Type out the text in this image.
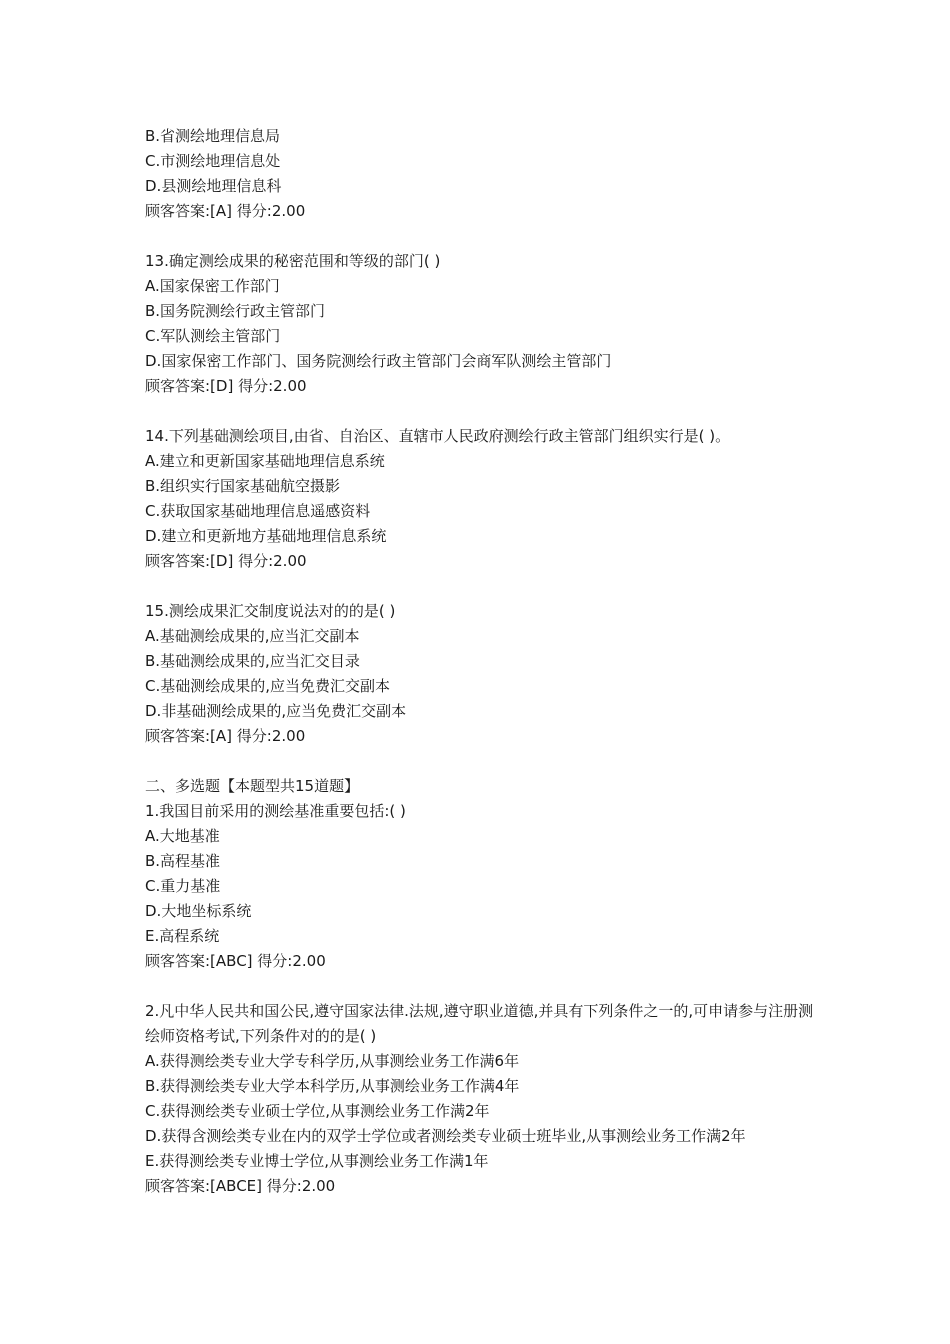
B.省测绘地理信息局
C.市测绘地理信息处
D.县测绘地理信息科
顾客答案:[A] 得分:2.00
13.确定测绘成果的秘密范围和等级的部门( )
A.国家保密工作部门
B.国务院测绘行政主管部门
C.军队测绘主管部门
D.国家保密工作部门、国务院测绘行政主管部门会商军队测绘主管部门
顾客答案:[D] 得分:2.00
14.下列基础测绘项目,由省、自治区、直辖市人民政府测绘行政主管部门组织实行是( )。
A.建立和更新国家基础地理信息系统
B.组织实行国家基础航空摄影
C.获取国家基础地理信息遥感资料
D.建立和更新地方基础地理信息系统
顾客答案:[D] 得分:2.00
15.测绘成果汇交制度说法对的的是( )
A.基础测绘成果的,应当汇交副本
B.基础测绘成果的,应当汇交目录
C.基础测绘成果的,应当免费汇交副本
D.非基础测绘成果的,应当免费汇交副本
顾客答案:[A] 得分:2.00
二、多选题【本题型共15道题】
1.我国目前采用的测绘基准重要包括:( )
A.大地基准
B.高程基准
C.重力基准
D.大地坐标系统
E.高程系统
顾客答案:[ABC] 得分:2.00
2.凡中华人民共和国公民,遵守国家法律.法规,遵守职业道德,并具有下列条件之一的,可申请参与注册测绘师资格考试,下列条件对的的是( )
A.获得测绘类专业大学专科学历,从事测绘业务工作满6年
B.获得测绘类专业大学本科学历,从事测绘业务工作满4年
C.获得测绘类专业硕士学位,从事测绘业务工作满2年
D.获得含测绘类专业在内的双学士学位或者测绘类专业硕士班毕业,从事测绘业务工作满2年
E.获得测绘类专业博士学位,从事测绘业务工作满1年
顾客答案:[ABCE] 得分:2.00
